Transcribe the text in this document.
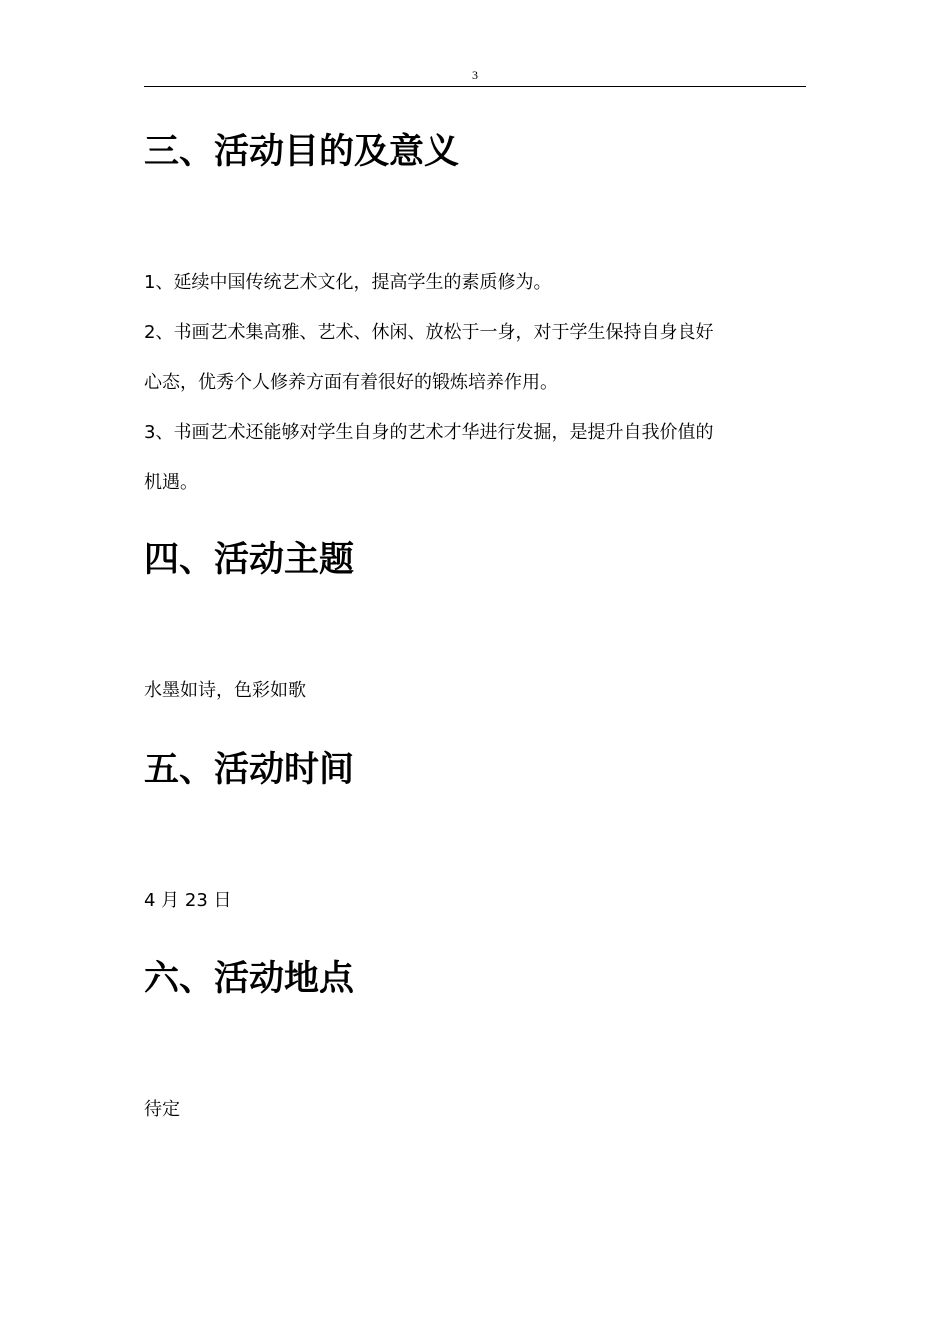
3
三、活动目的及意义

1、延续中国传统艺术文化，提高学生的素质修为。

2、书画艺术集高雅、艺术、休闲、放松于一身，对于学生保持自身良好

心态，优秀个人修养方面有着很好的锻炼培养作用。

3、书画艺术还能够对学生自身的艺术才华进行发掘，是提升自我价值的

机遇。

四、活动主题

水墨如诗，色彩如歌

五、活动时间

4 月 23 日

六、活动地点

待定
